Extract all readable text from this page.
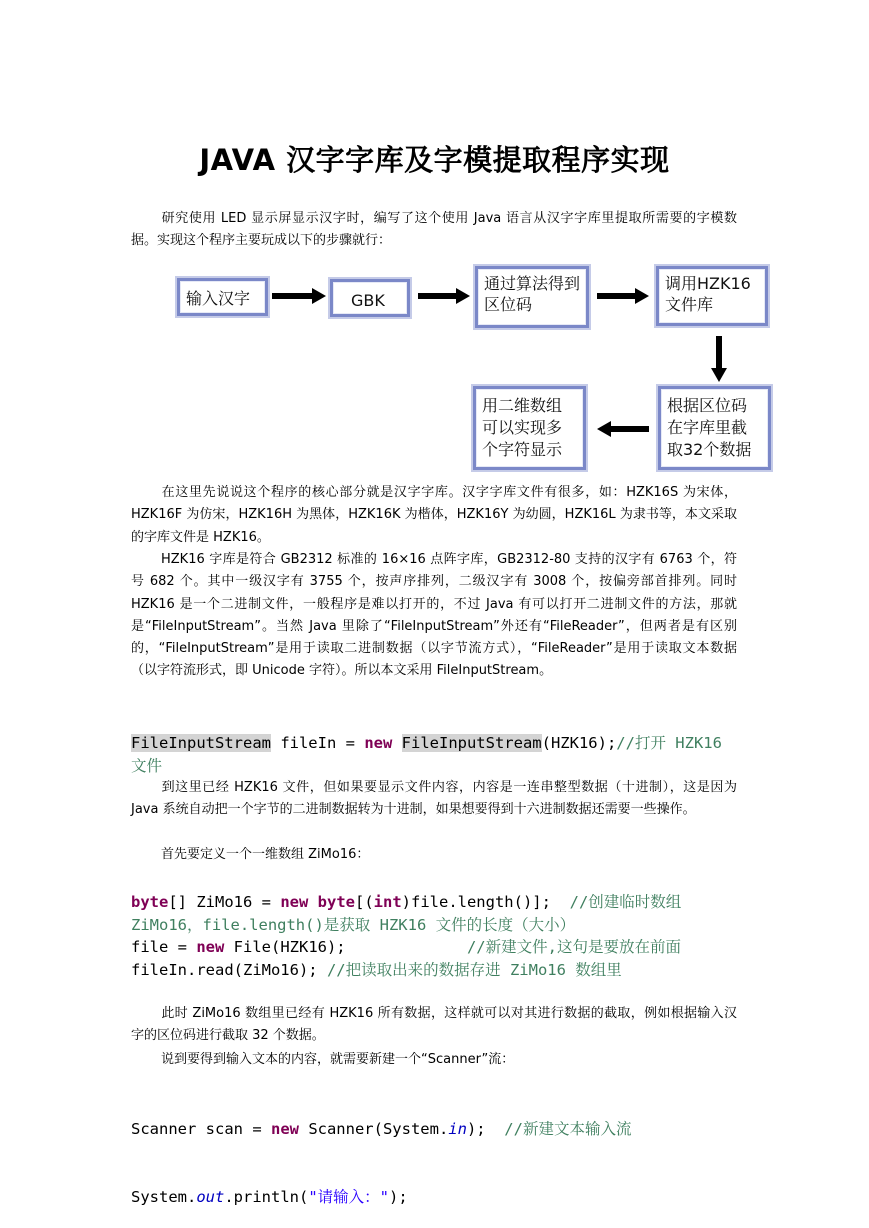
JAVA 汉字字库及字模提取程序实现
研究使用 LED 显示屏显示汉字时，编写了这个使用 Java 语言从汉字字库里提取所需要的字模数据。实现这个程序主要玩成以下的步骤就行：
输入汉字	GBK
通过算法得到区位码
调用HZK16文件库
根据区位码在字库里截取32个数据
用二维数组可以实现多个字符显示
在这里先说说这个程序的核心部分就是汉字字库。汉字字库文件有很多，如：HZK16S 为宋体，HZK16F 为仿宋，HZK16H 为黑体，HZK16K 为楷体，HZK16Y 为幼圆，HZK16L 为隶书等，本文采取的字库文件是 HZK16。
HZK16 字库是符合 GB2312 标准的 16×16 点阵字库，GB2312-80 支持的汉字有 6763 个，符号 682 个。其中一级汉字有 3755 个，按声序排列，二级汉字有 3008 个，按偏旁部首排列。同时 HZK16 是一个二进制文件，一般程序是难以打开的，不过 Java 有可以打开二进制文件的方法，那就是“FileInputStream”。当然 Java 里除了“FileInputStream”外还有“FileReader”，但两者是有区别的，“FileInputStream”是用于读取二进制数据（以字节流方式），“FileReader”是用于读取文本数据（以字符流形式，即 Unicode 字符）。所以本文采用 FileInputStream。
FileInputStream fileIn = new FileInputStream(HZK16);//打开 HZK16 文件
到这里已经 HZK16 文件，但如果要显示文件内容，内容是一连串整型数据（十进制），这是因为 Java 系统自动把一个字节的二进制数据转为十进制，如果想要得到十六进制数据还需要一些操作。
首先要定义一个一维数组 ZiMo16：
byte[] ZiMo16 = new byte[(int)file.length()];  //创建临时数组 ZiMo16，file.length()是获取 HZK16 文件的长度（大小）
file = new File(HZK16);             //新建文件,这句是要放在前面
fileIn.read(ZiMo16); //把读取出来的数据存进 ZiMo16 数组里
此时 ZiMo16 数组里已经有 HZK16 所有数据，这样就可以对其进行数据的截取，例如根据输入汉字的区位码进行截取 32 个数据。
说到要得到输入文本的内容，就需要新建一个“Scanner”流：

Scanner scan = new Scanner(System.in);  //新建文本输入流

System.out.println("请输入：");
